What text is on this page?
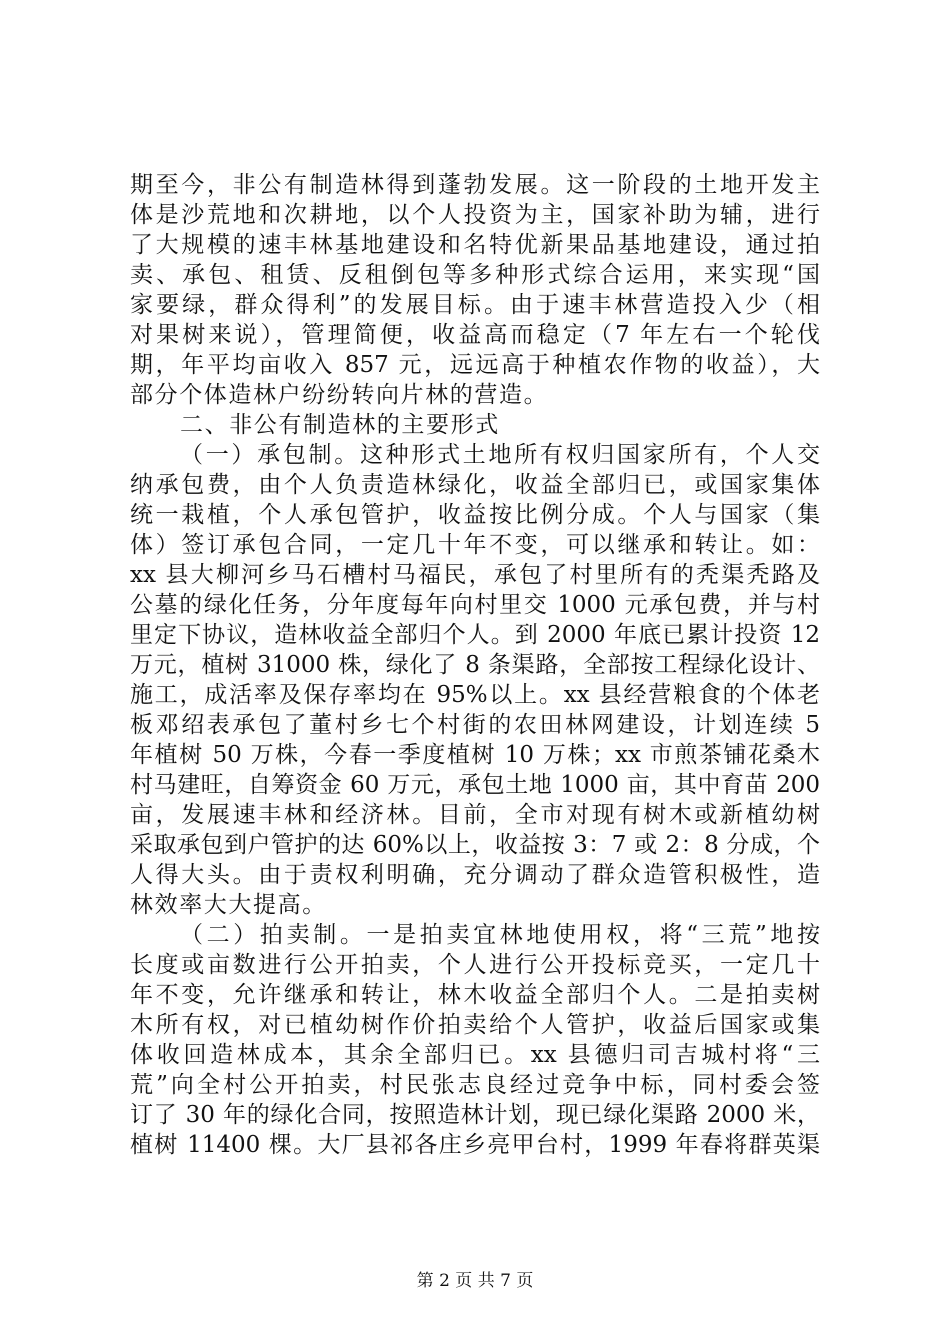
期至今，非公有制造林得到蓬勃发展。这一阶段的土地开发主
体是沙荒地和次耕地，以个人投资为主，国家补助为辅，进行
了大规模的速丰林基地建设和名特优新果品基地建设，通过拍
卖、承包、租赁、反租倒包等多种形式综合运用，来实现“国
家要绿，群众得利”的发展目标。由于速丰林营造投入少（相
对果树来说），管理简便，收益高而稳定（7 年左右一个轮伐
期，年平均亩收入 857 元，远远高于种植农作物的收益），大
部分个体造林户纷纷转向片林的营造。
二、非公有制造林的主要形式
（一）承包制。这种形式土地所有权归国家所有，个人交
纳承包费，由个人负责造林绿化，收益全部归已，或国家集体
统一栽植，个人承包管护，收益按比例分成。个人与国家（集
体）签订承包合同，一定几十年不变，可以继承和转让。如：
xx 县大柳河乡马石槽村马福民，承包了村里所有的秃渠秃路及
公墓的绿化任务，分年度每年向村里交 1000 元承包费，并与村
里定下协议，造林收益全部归个人。到 2000 年底已累计投资 12
万元，植树 31000 株，绿化了 8 条渠路，全部按工程绿化设计、
施工，成活率及保存率均在 95%以上。xx 县经营粮食的个体老
板邓绍表承包了董村乡七个村街的农田林网建设，计划连续 5
年植树 50 万株，今春一季度植树 10 万株；xx 市煎茶铺花桑木
村马建旺，自筹资金 60 万元，承包土地 1000 亩，其中育苗 200
亩，发展速丰林和经济林。目前，全市对现有树木或新植幼树
采取承包到户管护的达 60%以上，收益按 3：7 或 2：8 分成，个
人得大头。由于责权利明确，充分调动了群众造管积极性，造
林效率大大提高。
（二）拍卖制。一是拍卖宜林地使用权，将“三荒”地按
长度或亩数进行公开拍卖，个人进行公开投标竞买，一定几十
年不变，允许继承和转让，林木收益全部归个人。二是拍卖树
木所有权，对已植幼树作价拍卖给个人管护，收益后国家或集
体收回造林成本，其余全部归已。xx 县德归司吉城村将“三
荒”向全村公开拍卖，村民张志良经过竞争中标，同村委会签
订了 30 年的绿化合同，按照造林计划，现已绿化渠路 2000 米，
植树 11400 棵。大厂县祁各庄乡亮甲台村，1999 年春将群英渠
第 2 页 共 7 页
